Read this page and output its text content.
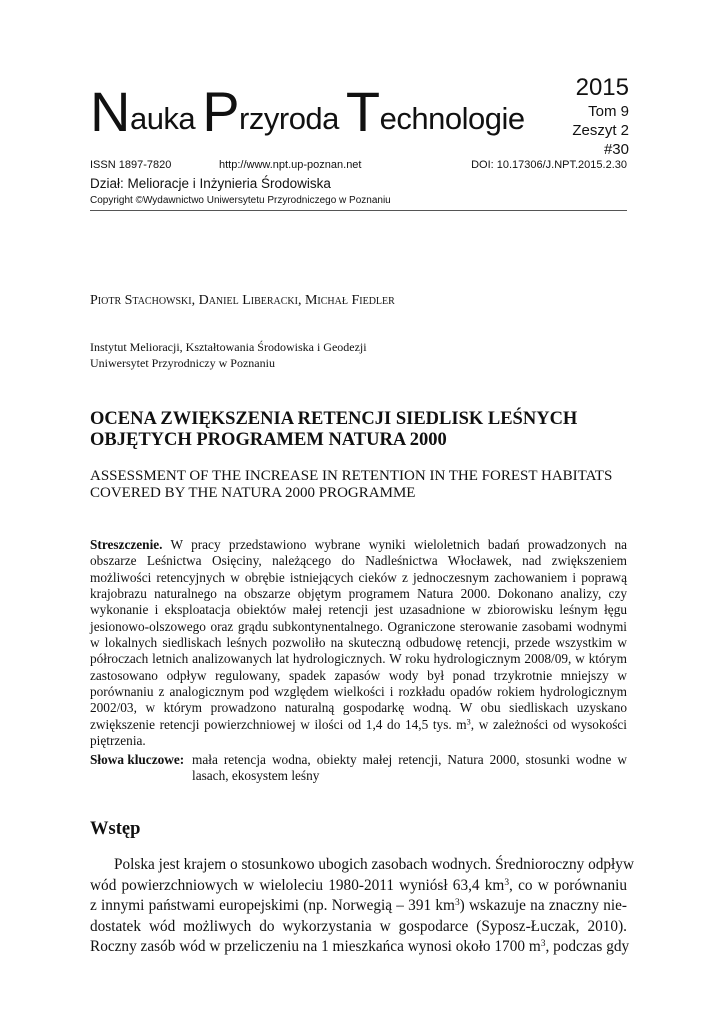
Nauka Przyroda Technologie
2015
Tom 9
Zeszyt 2
#30
ISSN 1897-7820	http://www.npt.up-poznan.net	DOI: 10.17306/J.NPT.2015.2.30
Dział: Melioracje i Inżynieria Środowiska
Copyright ©Wydawnictwo Uniwersytetu Przyrodniczego w Poznaniu
Piotr Stachowski, Daniel Liberacki, Michał Fiedler
Instytut Melioracji, Kształtowania Środowiska i Geodezji
Uniwersytet Przyrodniczy w Poznaniu
OCENA ZWIĘKSZENIA RETENCJI SIEDLISK LEŚNYCH
OBJĘTYCH PROGRAMEM NATURA 2000
ASSESSMENT OF THE INCREASE IN RETENTION IN THE FOREST HABITATS
COVERED BY THE NATURA 2000 PROGRAMME
Streszczenie. W pracy przedstawiono wybrane wyniki wieloletnich badań prowadzonych na obszarze Leśnictwa Osięciny, należącego do Nadleśnictwa Włocławek, nad zwiększeniem możliwości retencyjnych w obrębie istniejących cieków z jednoczesnym zachowaniem i poprawą krajobrazu naturalnego na obszarze objętym programem Natura 2000. Dokonano analizy, czy wykonanie i eksploatacja obiektów małej retencji jest uzasadnione w zbiorowisku leśnym łęgu jesionowo-olszowego oraz grądu subkontynentalnego. Ograniczone sterowanie zasobami wodnymi w lokalnych siedliskach leśnych pozwoliło na skuteczną odbudowę retencji, przede wszystkim w półroczach letnich analizowanych lat hydrologicznych. W roku hydrologicznym 2008/09, w którym zastosowano odpływ regulowany, spadek zapasów wody był ponad trzykrotnie mniejszy w porównaniu z analogicznym pod względem wielkości i rozkładu opadów rokiem hydrologicznym 2002/03, w którym prowadzono naturalną gospodarkę wodną. W obu siedliskach uzyskano zwiększenie retencji powierzchniowej w ilości od 1,4 do 14,5 tys. $m^3$, w zależności od wysokości piętrzenia.
Słowa kluczowe: mała retencja wodna, obiekty małej retencji, Natura 2000, stosunki wodne w lasach, ekosystem leśny
Wstęp
Polska jest krajem o stosunkowo ubogich zasobach wodnych. Średnioroczny odpływ
wód powierzchniowych w wieloleciu 1980-2011 wyniósł 63,4 $km^3$, co w porównaniu
z innymi państwami europejskimi (np. Norwegią – 391 $km^3$) wskazuje na znaczny nie-
dostatek wód możliwych do wykorzystania w gospodarce (Syposz-Łuczak, 2010).
Roczny zasób wód w przeliczeniu na 1 mieszkańca wynosi około 1700 $m^3$, podczas gdy
